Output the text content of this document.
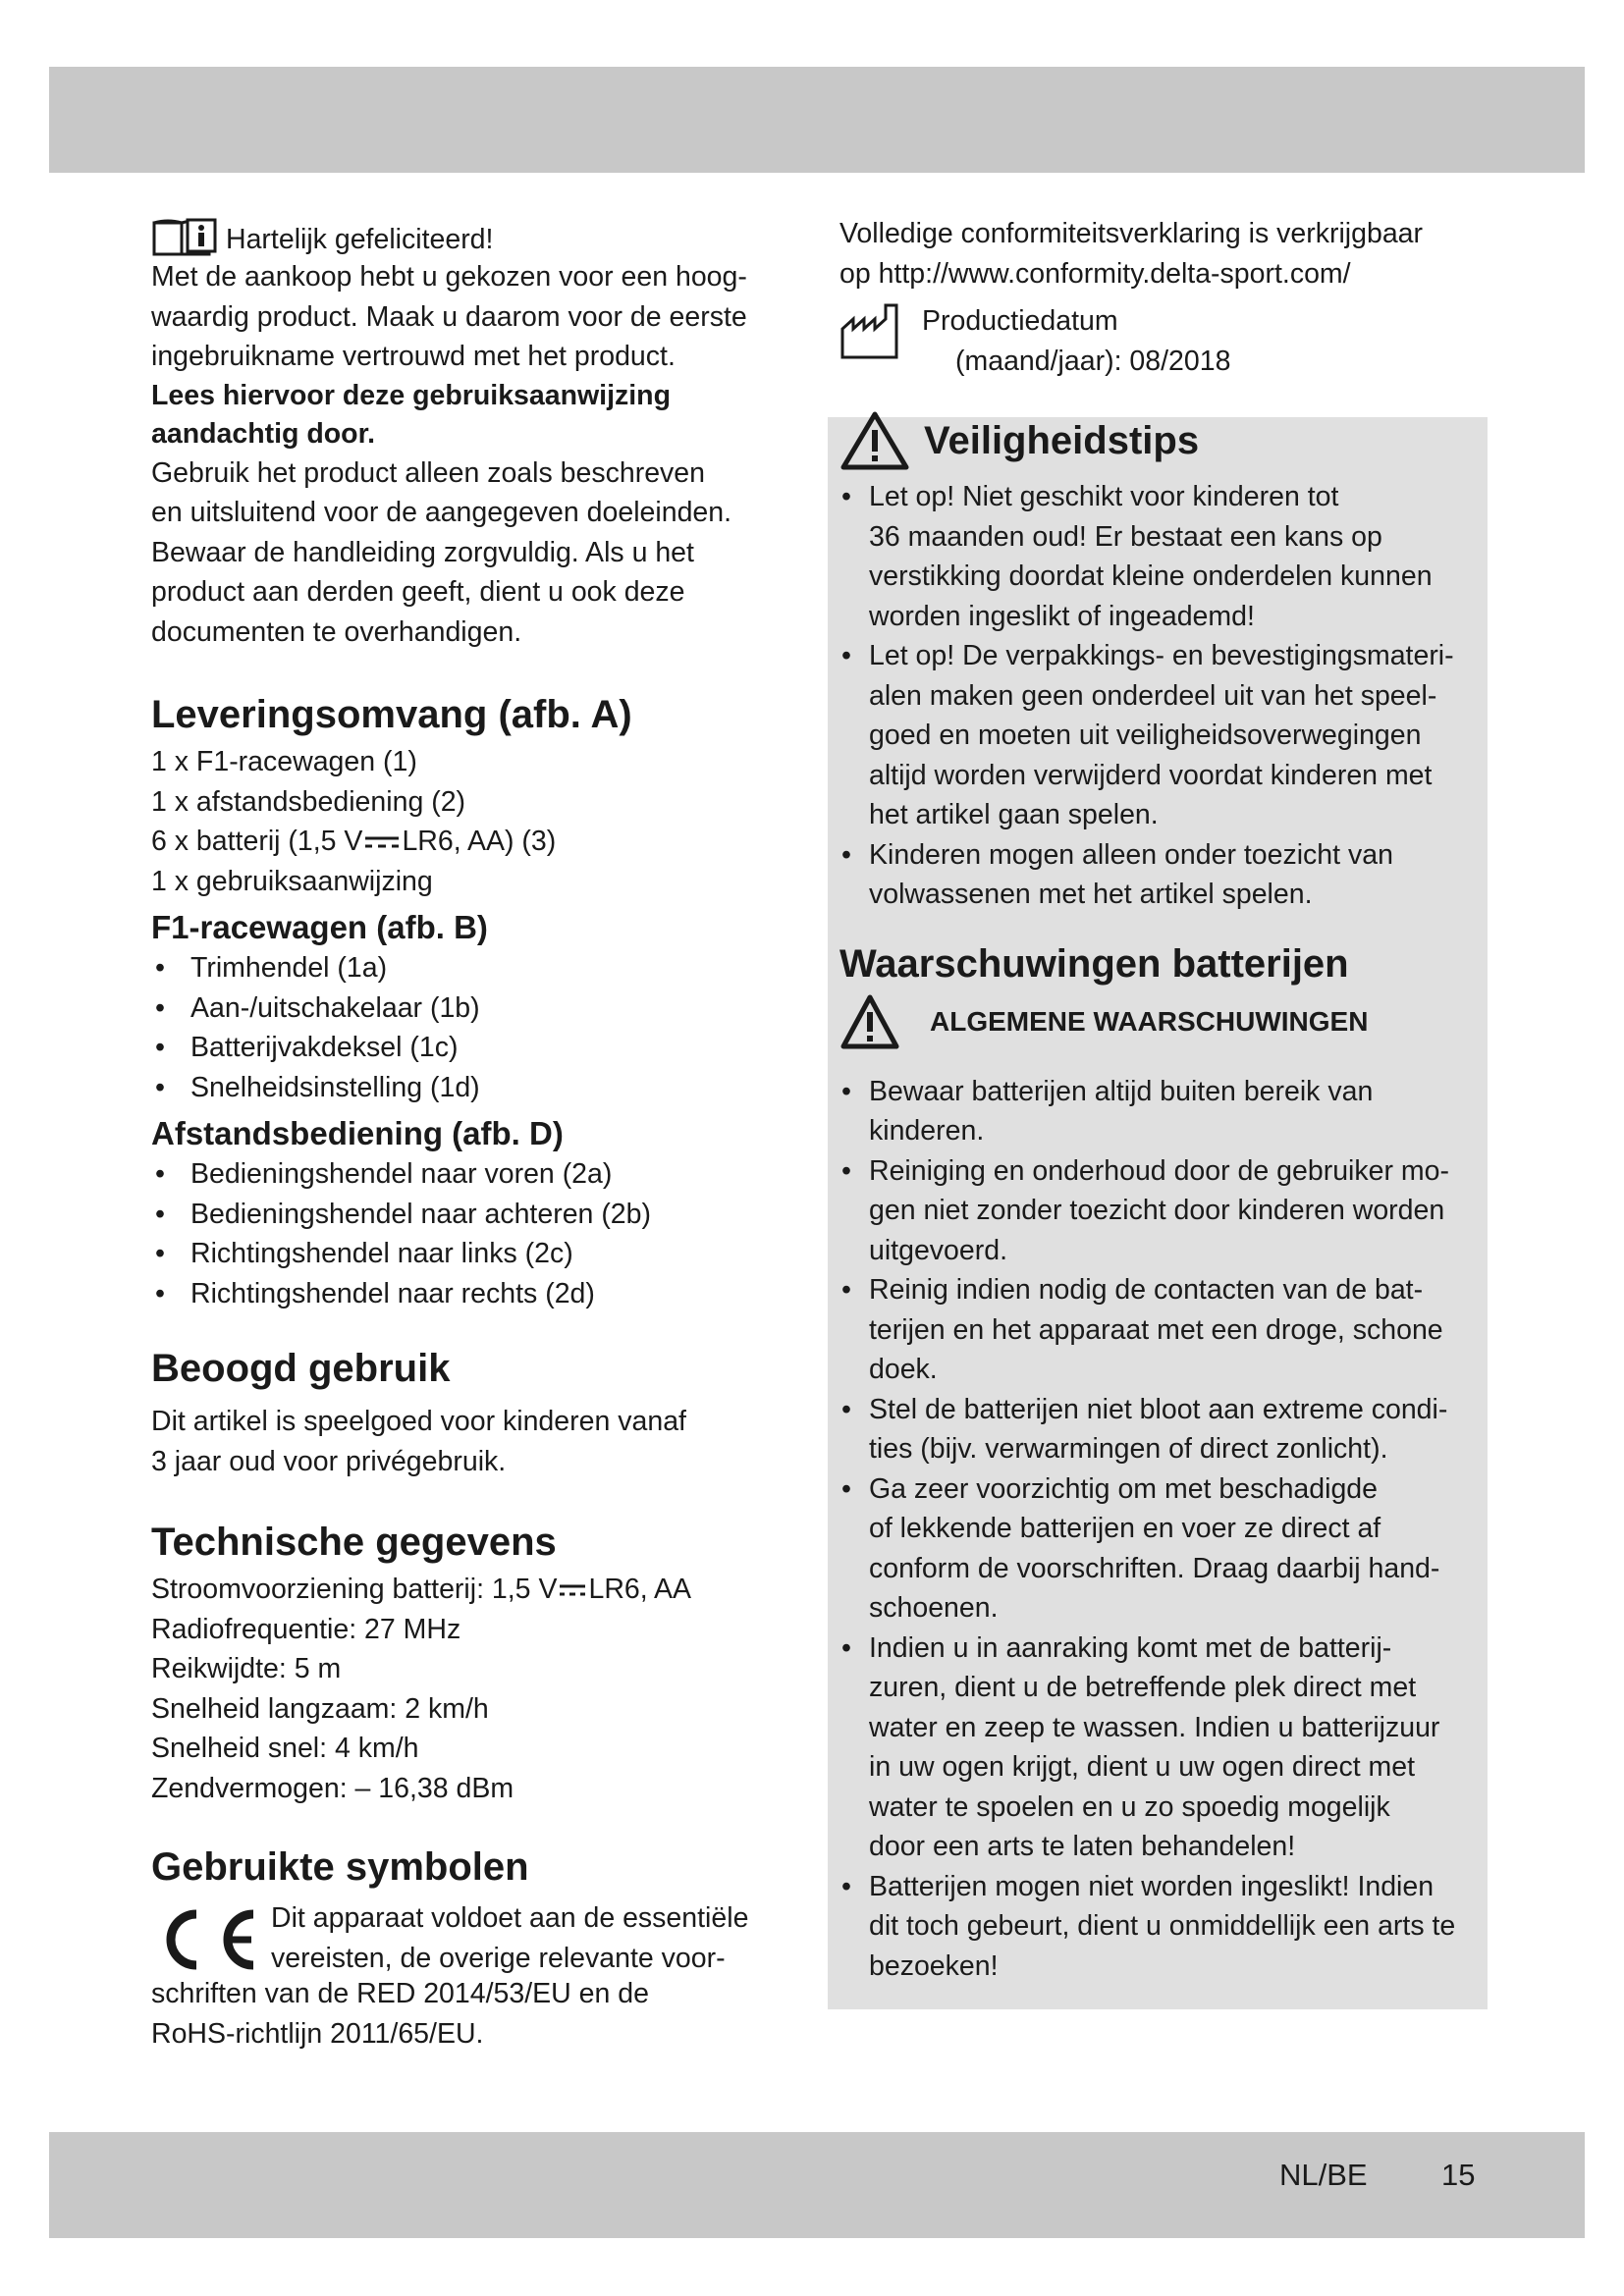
Hartelijk gefeliciteerd!

Met de aankoop hebt u gekozen voor een hoog-
waardig product. Maak u daarom voor de eerste
ingebruikname vertrouwd met het product.

Lees hiervoor deze gebruiksaanwijzing
aandachtig door.

Gebruik het product alleen zoals beschreven
en uitsluitend voor de aangegeven doeleinden.
Bewaar de handleiding zorgvuldig. Als u het
product aan derden geeft, dient u ook deze
documenten te overhandigen.

Leveringsomvang (afb. A)
1 x F1-racewagen (1)
1 x afstandsbediening (2)
6 x batterij (1,5 V LR6, AA) (3)
1 x gebruiksaanwijzing
F1-racewagen (afb. B)
• Trimhendel (1a)
• Aan-/uitschakelaar (1b)
• Batterijvakdeksel (1c)
• Snelheidsinstelling (1d)
Afstandsbediening (afb. D)
• Bedieningshendel naar voren (2a)
• Bedieningshendel naar achteren (2b)
• Richtingshendel naar links (2c)
• Richtingshendel naar rechts (2d)
Beoogd gebruik

Dit artikel is speelgoed voor kinderen vanaf
3 jaar oud voor privégebruik.

Technische gegevens

Stroomvoorziening batterij: 1,5 V LR6, AA
Radiofrequentie: 27 MHz
Reikwijdte: 5 m
Snelheid langzaam: 2 km/h
Snelheid snel: 4 km/h
Zendvermogen: – 16,38 dBm

Gebruikte symbolen

Dit apparaat voldoet aan de essentiële
vereisten, de overige relevante voor-

schriften van de RED 2014/53/EU en de
RoHS-richtlijn 2011/65/EU.

Volledige conformiteitsverklaring is verkrijgbaar
op http://www.conformity.delta-sport.com/

Productiedatum

(maand/jaar): 08/2018

Veiligheidstips
• Let op! Niet geschikt voor kinderen tot
36 maanden oud! Er bestaat een kans op
verstikking doordat kleine onderdelen kunnen
worden ingeslikt of ingeademd!
• Let op! De verpakkings- en bevestigingsmateri-
alen maken geen onderdeel uit van het speel-
goed en moeten uit veiligheidsoverwegingen
altijd worden verwijderd voordat kinderen met
het artikel gaan spelen.
• Kinderen mogen alleen onder toezicht van
volwassenen met het artikel spelen.
Waarschuwingen batterijen
ALGEMENE WAARSCHUWINGEN
• Bewaar batterijen altijd buiten bereik van
kinderen.
• Reiniging en onderhoud door de gebruiker mo-
gen niet zonder toezicht door kinderen worden
uitgevoerd.
• Reinig indien nodig de contacten van de bat-
terijen en het apparaat met een droge, schone
doek.
• Stel de batterijen niet bloot aan extreme condi-
ties (bijv. verwarmingen of direct zonlicht).
• Ga zeer voorzichtig om met beschadigde
of lekkende batterijen en voer ze direct af
conform de voorschriften. Draag daarbij hand-
schoenen.
• Indien u in aanraking komt met de batterij-
zuren, dient u de betreffende plek direct met
water en zeep te wassen. Indien u batterijzuur
in uw ogen krijgt, dient u uw ogen direct met
water te spoelen en u zo spoedig mogelijk
door een arts te laten behandelen!
• Batterijen mogen niet worden ingeslikt! Indien
dit toch gebeurt, dient u onmiddellijk een arts te
bezoeken!
NL/BE 15
